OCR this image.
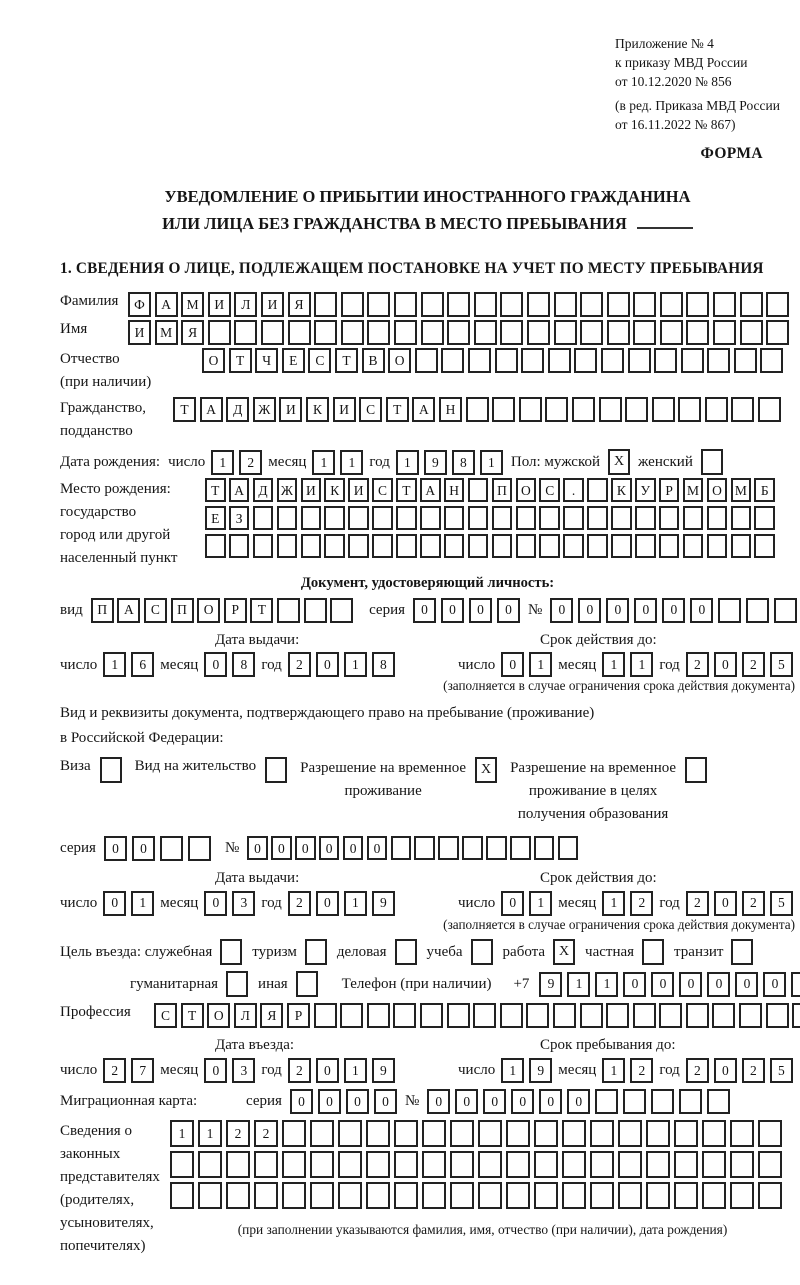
Приложение № 4
к приказу МВД России
от 10.12.2020 № 856
(в ред. Приказа МВД России
от 16.11.2022 № 867)
ФОРМА
УВЕДОМЛЕНИЕ О ПРИБЫТИИ ИНОСТРАННОГО ГРАЖДАНИНА
ИЛИ ЛИЦА БЕЗ ГРАЖДАНСТВА В МЕСТО ПРЕБЫВАНИЯ
1. СВЕДЕНИЯ О ЛИЦЕ, ПОДЛЕЖАЩЕМ ПОСТАНОВКЕ НА УЧЕТ ПО МЕСТУ ПРЕБЫВАНИЯ
Фамилия	Ф	А	М	И	Л	И	Я
Имя	И	М	Я
Отчество
(при наличии)
О	Т	Ч	Е	С	Т	В	О
Гражданство,
подданство
Т	А	Д	Ж	И	К	И	С	Т	А	Н
Дата рождения: число	1	2 месяц	1	1 год	1	9	8	1	Пол: мужской X женский
Место рождения:
государство
город или другой
населенный пункт
Т	А	Д Ж И	К	И	С	Т	А	Н	П	О	С	.	К	У	Р	М О М	Б
Е	З
Документ, удостоверяющий личность:
вид	П	А	С	П	О	Р	Т	серия	0	0	0	0	№	0	0	0	0	0	0
Дата выдачи:	Срок действия до:
число	1	6 месяц	0	8 год	2	0	1	8	число	0	1 месяц	1	1 год	2	0	2	5
(заполняется в случае ограничения срока действия документа)
Вид и реквизиты документа, подтверждающего право на пребывание (проживание)
в Российской Федерации:
Виза	Вид на жительство	Разрешение на временное
проживание
X	Разрешение на временное
проживание в целях
получения образования
серия	0	0	№	0	0	0	0	0	0
Дата выдачи:	Срок действия до:
число	0	1 месяц	0	3 год	2	0	1	9	число	0	1 месяц	1	2 год	2	0	2	5
(заполняется в случае ограничения срока действия документа)
Цель въезда: служебная	туризм	деловая	учеба	работа X	частная	транзит
гуманитарная	иная	Телефон (при наличии) +7	9	1	1	0	0	0	0	0	0
Профессия	С	Т	О	Л	Я	Р
Дата въезда:	Срок пребывания до:
число	2	7 месяц	0	3 год	2	0	1	9	число	1	9 месяц	1	2 год	2	0	2	5
Миграционная карта:	серия	0	0	0	0	№	0	0	0	0	0	0
Сведения о
законных
представителях
(родителях,
усыновителях,
попечителях)
1	1	2	2
(при заполнении указываются фамилия, имя, отчество (при наличии), дата рождения)
